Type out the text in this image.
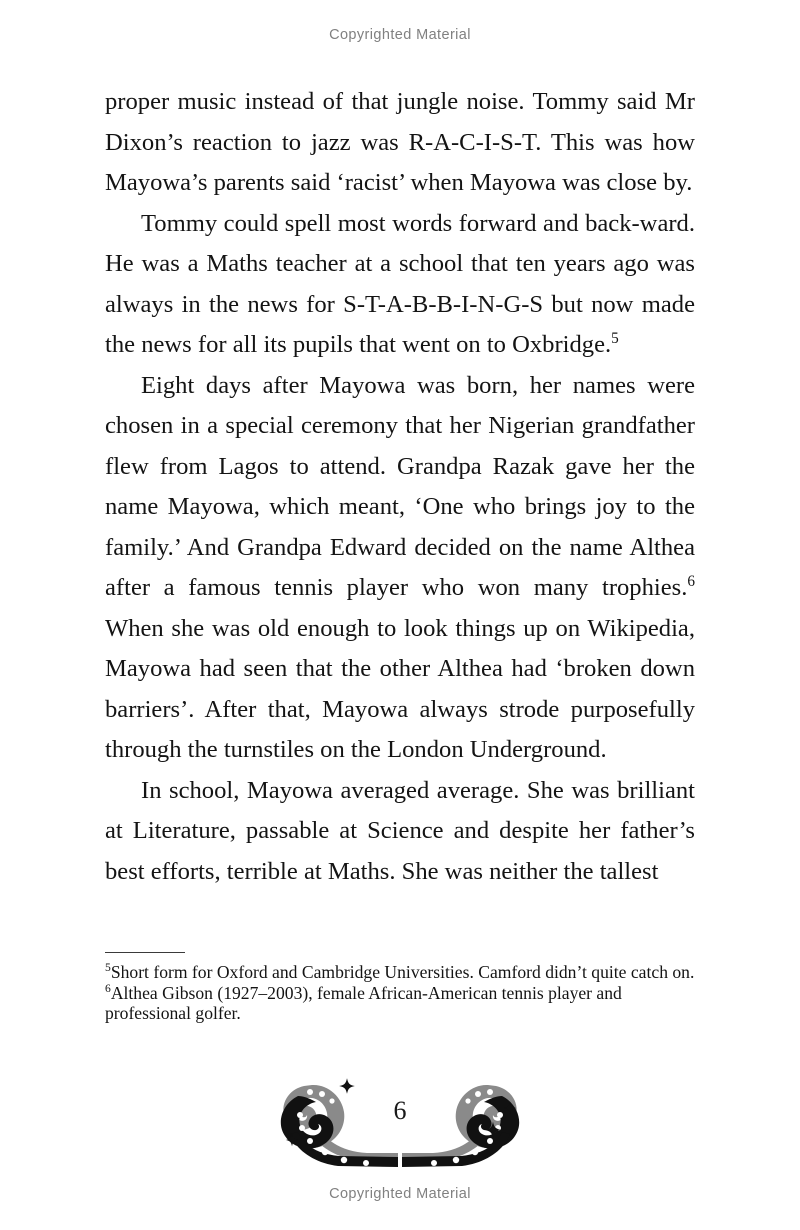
Copyrighted Material

proper music instead of that jungle noise. Tommy said Mr Dixon’s reaction to jazz was R-A-C-I-S-T. This was how Mayowa’s parents said ‘racist’ when Mayowa was close by.

Tommy could spell most words forward and back-ward. He was a Maths teacher at a school that ten years ago was always in the news for S-T-A-B-B-I-N-G-S but now made the news for all its pupils that went on to Oxbridge.$^5$

Eight days after Mayowa was born, her names were chosen in a special ceremony that her Nigerian grandfather flew from Lagos to attend. Grandpa Razak gave her the name Mayowa, which meant, ‘One who brings joy to the family.’ And Grandpa Edward decided on the name Althea after a famous tennis player who won many trophies.$^6$ When she was old enough to look things up on Wikipedia, Mayowa had seen that the other Althea had ‘broken down barriers’. After that, Mayowa always strode purposefully through the turnstiles on the London Underground.

In school, Mayowa averaged average. She was brilliant at Literature, passable at Science and despite her father’s best efforts, terrible at Maths. She was neither the tallest

$^5$Short form for Oxford and Cambridge Universities. Camford didn’t quite catch on.

$^6$Althea Gibson (1927–2003), female African-American tennis player and professional golfer.

6
Copyrighted Material
